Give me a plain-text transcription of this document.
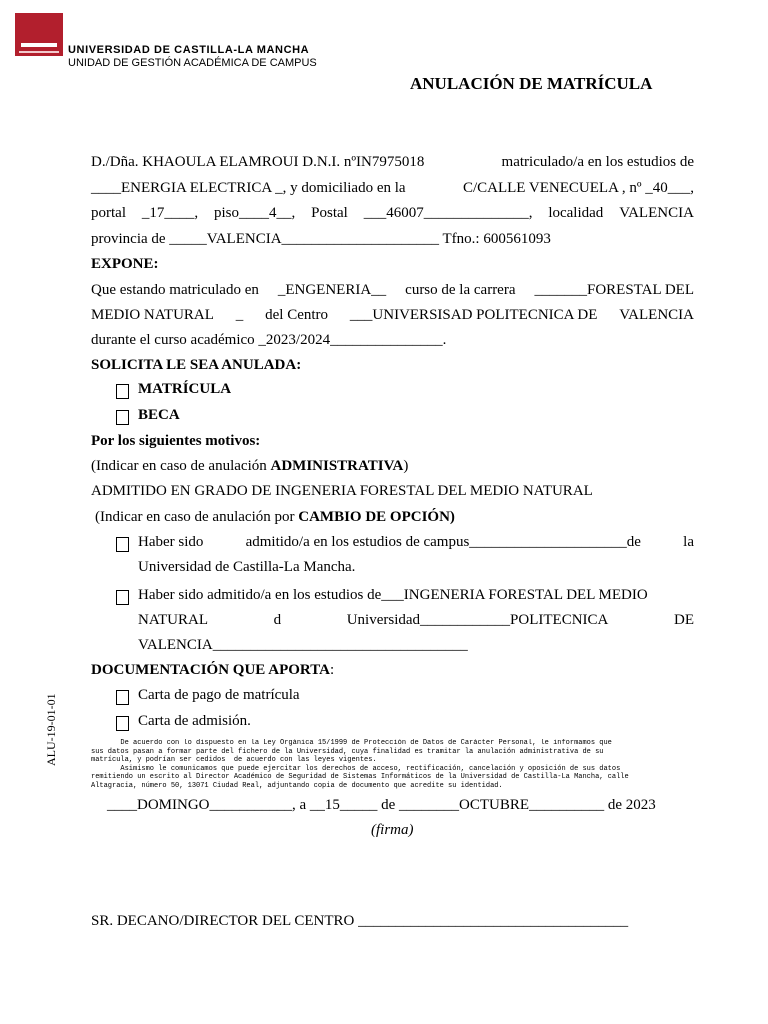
UNIVERSIDAD DE CASTILLA-LA MANCHA
UNIDAD DE GESTIÓN ACADÉMICA DE CAMPUS
ANULACIÓN DE MATRÍCULA
D./Dña. KHAOULA ELAMROUI D.N.I. nºIN7975018	matriculado/a en los estudios de
____ENERGIA ELECTRICA _, y domiciliado en la	C/CALLE VENECUELA , nº _40___,
portal _17____, piso____4__, Postal ___46007______________, localidad VALENCIA
provincia de _____VALENCIA_____________________ Tfno.: 600561093
EXPONE:
Que estando matriculado en _ENGENERIA__ curso de la carrera _______FORESTAL DEL
MEDIO NATURAL _ del Centro ___UNIVERSISAD POLITECNICA DE VALENCIA
durante el curso académico _2023/2024_______________.
SOLICITA LE SEA ANULADA:
MATRÍCULA
BECA
Por los siguientes motivos:
(Indicar en caso de anulación ADMINISTRATIVA)
ADMITIDO EN GRADO DE INGENERIA FORESTAL DEL MEDIO NATURAL
(Indicar en caso de anulación por CAMBIO DE OPCIÓN)
Haber sido	admitido/a en los estudios de campus_____________________de	la
Universidad de Castilla-La Mancha.
Haber sido admitido/a en los estudios de___INGENERIA FORESTAL DEL MEDIO
NATURAL	d	Universidad____________POLITECNICA	DE
VALENCIA__________________________________
DOCUMENTACIÓN QUE APORTA:
Carta de pago de matrícula
Carta de admisión.
ALU-19-01-01	De acuerdo con lo dispuesto en la Ley Orgánica 15/1999 de Protección de Datos de Carácter Personal, le informamos que
sus datos pasan a formar parte del fichero de la Universidad, cuya finalidad es tramitar la anulación administrativa de su
matrícula, y podrían ser cedidos  de acuerdo con las leyes vigentes.
Asimismo le comunicamos que puede ejercitar los derechos de acceso, rectificación, cancelación y oposición de sus datos
remitiendo un escrito al Director Académico de Seguridad de Sistemas Informáticos de la Universidad de Castilla-La Mancha, calle
Altagracia, número 50, 13071 Ciudad Real, adjuntando copia de documento que acredite su identidad.
____DOMINGO___________, a __15_____ de ________OCTUBRE__________ de 2023
(firma)
SR. DECANO/DIRECTOR DEL CENTRO ____________________________________
